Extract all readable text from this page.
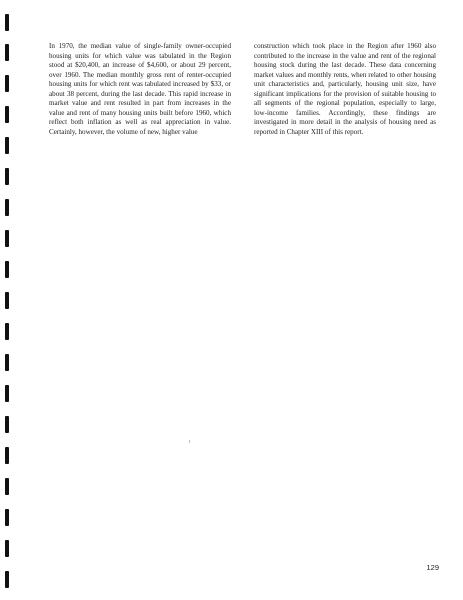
In 1970, the median value of single-family owner-occupied housing units for which value was tabulated in the Region stood at $20,400, an increase of $4,600, or about 29 percent, over 1960. The median monthly gross rent of renter-occupied housing units for which rent was tabulated increased by $33, or about 38 percent, during the last decade. This rapid increase in market value and rent resulted in part from increases in the value and rent of many housing units built before 1960, which reflect both inflation as well as real appreciation in value. Certainly, however, the volume of new, higher value
construction which took place in the Region after 1960 also contributed to the increase in the value and rent of the regional housing stock during the last decade. These data concerning market values and monthly rents, when related to other housing unit characteristics and, particularly, housing unit size, have significant implications for the provision of suitable housing to all segments of the regional population, especially to large, low-income families. Accordingly, these findings are investigated in more detail in the analysis of housing need as reported in Chapter XIII of this report.
129
